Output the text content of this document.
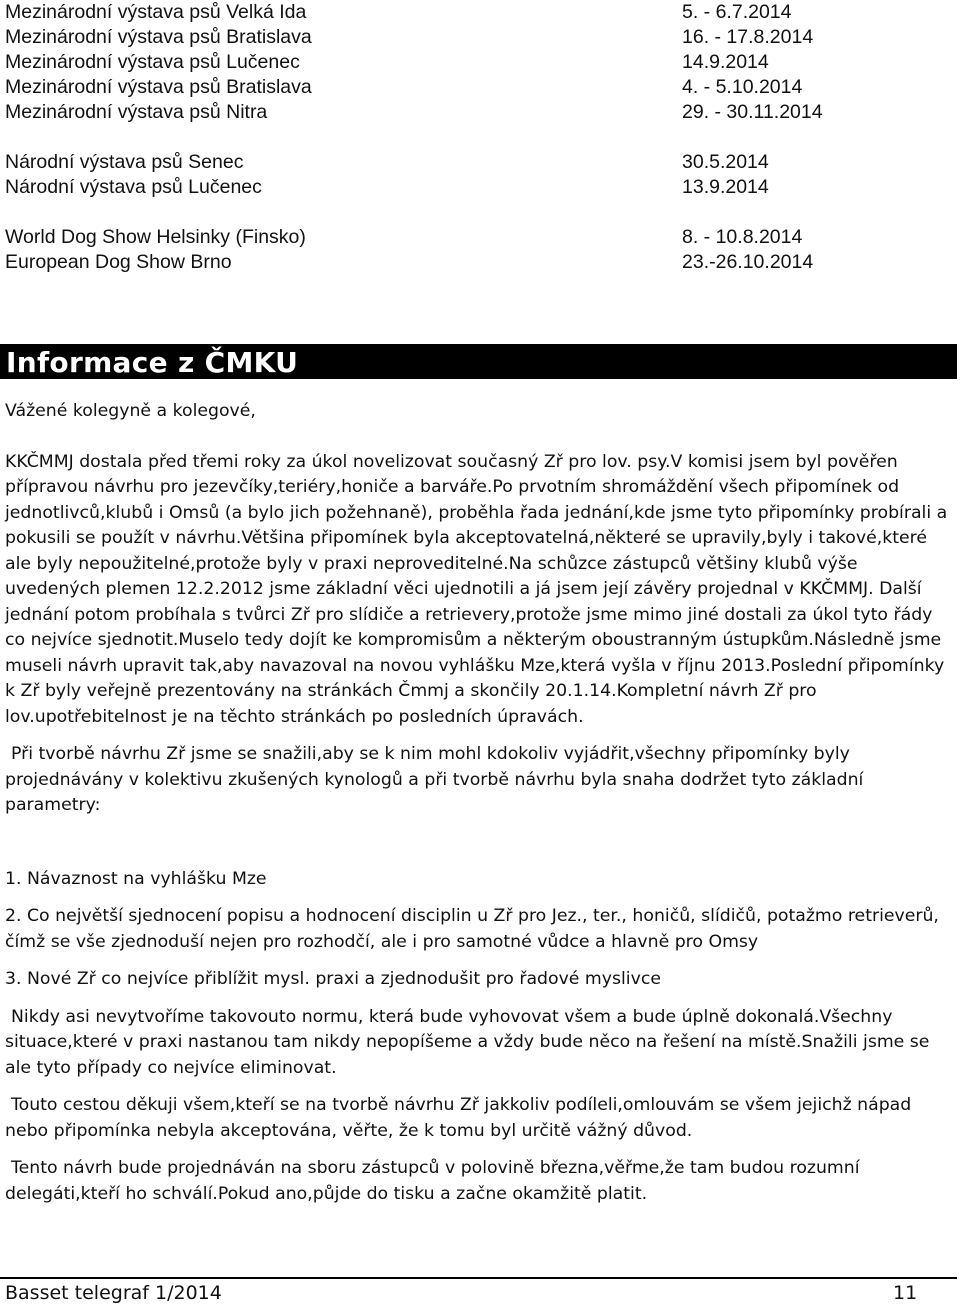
Mezinárodní výstava psů Velká Ida	5. - 6.7.2014
Mezinárodní výstava psů Bratislava	16. - 17.8.2014
Mezinárodní výstava psů Lučenec	14.9.2014
Mezinárodní výstava psů Bratislava	4. - 5.10.2014
Mezinárodní výstava psů Nitra	29. - 30.11.2014
Národní výstava psů Senec	30.5.2014
Národní výstava psů Lučenec	13.9.2014
World Dog Show Helsinky (Finsko)	8. - 10.8.2014
European Dog Show Brno	23.-26.10.2014
Informace z ČMKU

Vážené kolegyně a kolegové,

KKČMMJ dostala před třemi roky za úkol novelizovat současný Zř pro lov. psy.V komisi jsem byl pověřen přípravou návrhu pro jezevčíky,teriéry,honiče a barváře.Po prvotním shromáždění všech připomínek od jednotlivců,klubů i Omsů (a bylo jich požehnaně), proběhla řada jednání,kde jsme tyto připomínky probírali a pokusili se použít v návrhu.Většina připomínek byla akceptovatelná,některé se upravily,byly i takové,které ale byly nepoužitelné,protože byly v praxi neproveditelné.Na schůzce zástupců většiny klubů výše uvedených plemen 12.2.2012 jsme základní věci ujednotili a já jsem její závěry projednal v KKČMMJ. Další jednání potom probíhala s tvůrci Zř pro slídiče a retrievery,protože jsme mimo jiné dostali za úkol tyto řády co nejvíce sjednotit.Muselo tedy dojít ke kompromisům a některým oboustranným ústupkům.Následně jsme museli návrh upravit tak,aby navazoval na novou vyhlášku Mze,která vyšla v říjnu 2013.Poslední připomínky k Zř byly veřejně prezentovány na stránkách Čmmj a skončily 20.1.14.Kompletní návrh Zř pro lov.upotřebitelnost je na těchto stránkách po posledních úpravách.

Při tvorbě návrhu Zř jsme se snažili,aby se k nim mohl kdokoliv vyjádřit,všechny připomínky byly projednávány v kolektivu zkušených kynologů a při tvorbě návrhu byla snaha dodržet tyto základní parametry:

1. Návaznost na vyhlášku Mze

2. Co největší sjednocení popisu a hodnocení disciplin u Zř pro Jez., ter., honičů, slídičů, potažmo retrieverů, čímž se vše zjednoduší nejen pro rozhodčí, ale i pro samotné vůdce a hlavně pro Omsy

3. Nové Zř co nejvíce přiblížit mysl. praxi a zjednodušit pro řadové myslivce

Nikdy asi nevytvoříme takovouto normu, která bude vyhovovat všem a bude úplně dokonalá.Všechny situace,které v praxi nastanou tam nikdy nepopíšeme a vždy bude něco na řešení na místě.Snažili jsme se ale tyto případy co nejvíce eliminovat.

Touto cestou děkuji všem,kteří se na tvorbě návrhu Zř jakkoliv podíleli,omlouvám se všem jejichž nápad nebo připomínka nebyla akceptována, věřte, že k tomu byl určitě vážný důvod.

Tento návrh bude projednáván na sboru zástupců v polovině března,věřme,že tam budou rozumní delegáti,kteří ho schválí.Pokud ano,půjde do tisku a začne okamžitě platit.

Basset telegraf 1/2014	11
